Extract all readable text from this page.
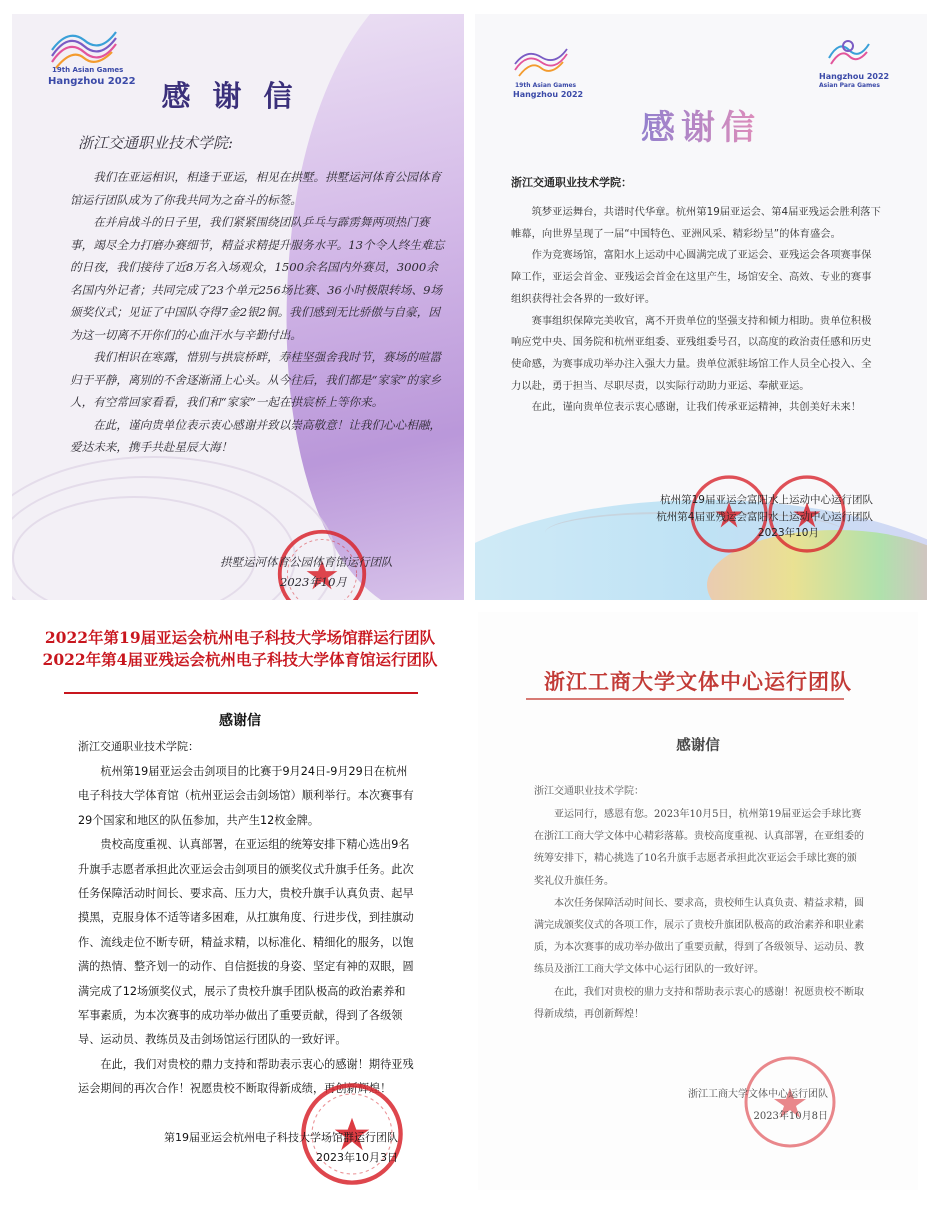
19th Asian Games
Hangzhou 2022 感谢信
浙江交通职业技术学院:

我们在亚运相识，相逢于亚运，相见在拱墅。拱墅运河体育公园体育馆运行团队成为了你我共同为之奋斗的标签。

在并肩战斗的日子里，我们紧紧围绕团队乒乓与霹雳舞两项热门赛事，竭尽全力打磨办赛细节，精益求精提升服务水平。13个令人终生难忘的日夜，我们接待了近8万名入场观众，1500余名国内外赛员，3000余名国内外记者；共同完成了23个单元256场比赛、36小时极限转场、9场颁奖仪式；见证了中国队夺得7金2银2铜。我们感到无比骄傲与自豪，因为这一切离不开你们的心血汗水与辛勤付出。

我们相识在寒露，惜别与拱宸桥畔，寿桂坚强舍我时节，赛场的喧嚣归于平静，离别的不舍逐渐涌上心头。从今往后，我们都是“家家”的家乡人，有空常回家看看，我们和“家家”一起在拱宸桥上等你来。

在此，谨向贵单位表示衷心感谢并致以崇高敬意！让我们心心相融，爱达未来，携手共赴星辰大海！

拱墅运河体育公园体育馆运行团队
2023年10月
19th Asian Games
Hangzhou 2022
Hangzhou 2022
Asian Para Games
感谢信
浙江交通职业技术学院：

筑梦亚运舞台，共谱时代华章。杭州第19届亚运会、第4届亚残运会胜利落下帷幕，向世界呈现了一届“中国特色、亚洲风采、精彩纷呈”的体育盛会。

作为竞赛场馆，富阳水上运动中心圆满完成了亚运会、亚残运会各项赛事保障工作，亚运会首金、亚残运会首金在这里产生，场馆安全、高效、专业的赛事组织获得社会各界的一致好评。

赛事组织保障完美收官，离不开贵单位的坚强支持和倾力相助。贵单位积极响应党中央、国务院和杭州亚组委、亚残组委号召，以高度的政治责任感和历史使命感，为赛事成功举办注入强大力量。贵单位派驻场馆工作人员全心投入、全力以赴，勇于担当、尽职尽责，以实际行动助力亚运、奉献亚运。

在此，谨向贵单位表示衷心感谢，让我们传承亚运精神，共创美好未来！

杭州第19届亚运会富阳水上运动中心运行团队
杭州第4届亚残运会富阳水上运动中心运行团队
2023年10月
2022年第19届亚运会杭州电子科技大学场馆群运行团队
2022年第4届亚残运会杭州电子科技大学体育馆运行团队
感谢信
浙江交通职业技术学院：

杭州第19届亚运会击剑项目的比赛于9月24日-9月29日在杭州电子科技大学体育馆（杭州亚运会击剑场馆）顺利举行。本次赛事有29个国家和地区的队伍参加，共产生12枚金牌。

贵校高度重视、认真部署，在亚运组的统筹安排下精心选出9名升旗手志愿者承担此次亚运会击剑项目的颁奖仪式升旗手任务。此次任务保障活动时间长、要求高、压力大，贵校升旗手认真负责、起早摸黑，克服身体不适等诸多困难，从扛旗角度、行进步伐，到挂旗动作、流线走位不断专研，精益求精，以标准化、精细化的服务，以饱满的热情、整齐划一的动作、自信挺拔的身姿、坚定有神的双眼，圆满完成了12场颁奖仪式，展示了贵校升旗手团队极高的政治素养和军事素质，为本次赛事的成功举办做出了重要贡献，得到了各级领导、运动员、教练员及击剑场馆运行团队的一致好评。

在此，我们对贵校的鼎力支持和帮助表示衷心的感谢！期待亚残运会期间的再次合作！祝愿贵校不断取得新成绩，再创新辉煌！

第19届亚运会杭州电子科技大学场馆群运行团队
2023年10月3日
浙江工商大学文体中心运行团队
感谢信
浙江交通职业技术学院：

亚运同行，感恩有您。2023年10月5日，杭州第19届亚运会手球比赛在浙江工商大学文体中心精彩落幕。贵校高度重视、认真部署，在亚组委的统筹安排下，精心挑选了10名升旗手志愿者承担此次亚运会手球比赛的颁奖礼仪升旗任务。

本次任务保障活动时间长、要求高，贵校师生认真负责、精益求精，圆满完成颁奖仪式的各项工作，展示了贵校升旗团队极高的政治素养和职业素质，为本次赛事的成功举办做出了重要贡献，得到了各级领导、运动员、教练员及浙江工商大学文体中心运行团队的一致好评。

在此，我们对贵校的鼎力支持和帮助表示衷心的感谢！祝愿贵校不断取得新成绩，再创新辉煌！

浙江工商大学文体中心运行团队
2023年10月8日
